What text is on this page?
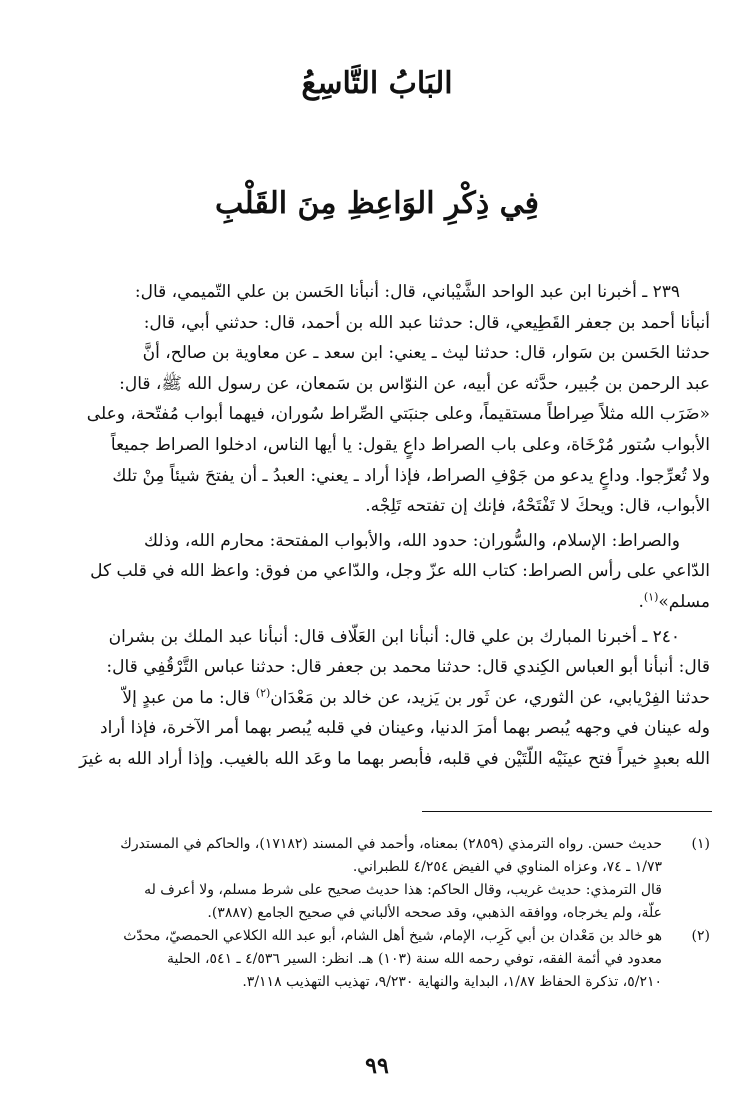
البَابُ التَّاسِعُ
فِي ذِكْرِ الوَاعِظِ مِنَ القَلْبِ

٢٣٩ ـ أخبرنا ابن عبد الواحد الشَّيْباني، قال: أنبأنا الحَسن بن علي التّميمي، قال:

أنبأنا أحمد بن جعفر القَطِيعي، قال: حدثنا عبد الله بن أحمد، قال: حدثني أبي، قال:

حدثنا الحَسن بن سَوار، قال: حدثنا ليث ـ يعني: ابن سعد ـ عن معاوية بن صالح، أنَّ

عبد الرحمن بن جُبير، حدَّثه عن أبيه، عن النوّاس بن سَمعان، عن رسول الله ﷺ، قال:

«ضَرَب الله مثلاً صِراطاً مستقيماً، وعلى جنبَتي الصِّراط سُوران، فيهما أبواب مُفتّحة، وعلى

الأبواب سُتور مُرْخَاة، وعلى باب الصراط داعٍ يقول: يا أيها الناس، ادخلوا الصراط جميعاً

ولا تُعرِّجوا. وداعٍ يدعو من جَوْفِ الصراط، فإذا أراد ـ يعني: العبدُ ـ أن يفتحَ شيئاً مِنْ تلك

الأبواب، قال: ويحكَ لا تَفْتَحْهُ، فإنك إن تفتحه تَلِجْه.

والصراط: الإسلام، والسُّوران: حدود الله، والأبواب المفتحة: محارم الله، وذلك

الدّاعي على رأس الصراط: كتاب الله عزّ وجل، والدّاعي من فوق: واعظ الله في قلب كل

مسلم»$^{(١)}$.

٢٤٠ ـ أخبرنا المبارك بن علي قال: أنبأنا ابن العَلّاف قال: أنبأنا عبد الملك بن بشران

قال: أنبأنا أبو العباس الكِندي قال: حدثنا محمد بن جعفر قال: حدثنا عباس التَّرْقُفِي قال:

حدثنا الفِرْيابي، عن الثوري، عن ثَور بن يَزيد، عن خالد بن مَعْدَان$^{(٢)}$ قال: ما من عبدٍ إلاّ

وله عينان في وجهه يُبصر بهما أمرَ الدنيا، وعينان في قلبه يُبصر بهما أمر الآخرة، فإذا أراد

الله بعبدٍ خيراً فتح عينَيْه اللّتَيْن في قلبه، فأبصر بهما ما وعَد الله بالغيب. وإذا أراد الله به غيرَ

(١)
حديث حسن. رواه الترمذي (٢٨٥٩) بمعناه، وأحمد في المسند (١٧١٨٢)، والحاكم في المستدرك
١/٧٣ ـ ٧٤، وعزاه المناوي في الفيض ٤/٢٥٤ للطبراني.
قال الترمذي: حديث غريب، وقال الحاكم: هذا حديث صحيح على شرط مسلم، ولا أعرف له
علّة، ولم يخرجاه، ووافقه الذهبي، وقد صححه الألباني في صحيح الجامع (٣٨٨٧).
(٢)
هو خالد بن مَعْدان بن أبي كَرِب، الإمام، شيخ أهل الشام، أبو عبد الله الكلاعي الحمصيّ، محدّث
معدود في أئمة الفقه، توفي رحمه الله سنة (١٠٣) هـ. انظر: السير ٤/٥٣٦ ـ ٥٤١، الحلية
٥/٢١٠، تذكرة الحفاظ ١/٨٧، البداية والنهاية ٩/٢٣٠، تهذيب التهذيب ٣/١١٨.
٩٩
